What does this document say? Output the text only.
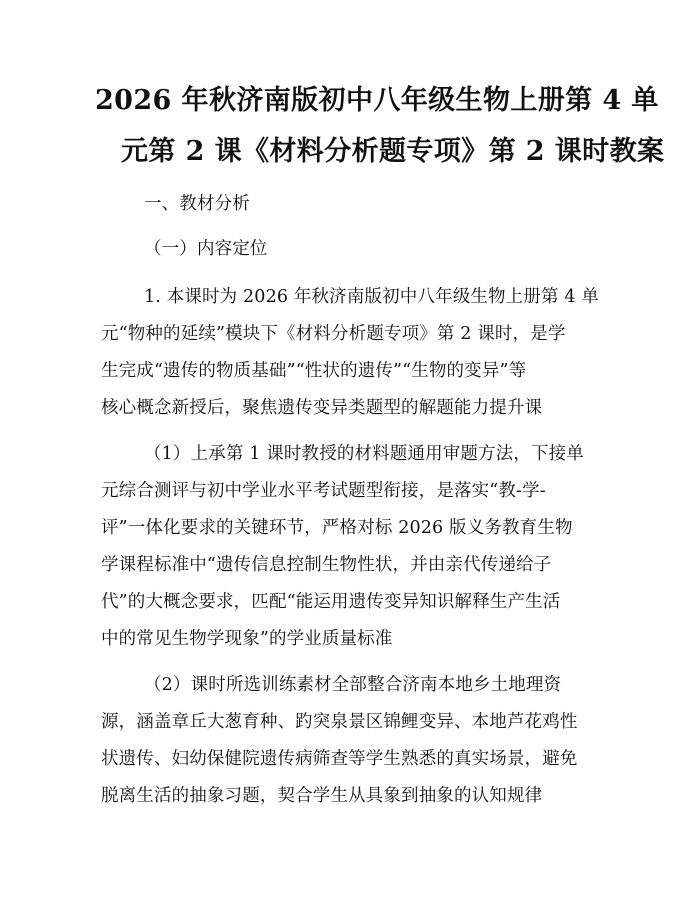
2026 年秋济南版初中八年级生物上册第 4 单
元第 2 课《材料分析题专项》第 2 课时教案
一、教材分析
（一）内容定位
1. 本课时为 2026 年秋济南版初中八年级生物上册第 4 单
元“物种的延续”模块下《材料分析题专项》第 2 课时，是学
生完成“遗传的物质基础”“性状的遗传”“生物的变异”等
核心概念新授后，聚焦遗传变异类题型的解题能力提升课
（1）上承第 1 课时教授的材料题通用审题方法，下接单
元综合测评与初中学业水平考试题型衔接，是落实“教-学-
评”一体化要求的关键环节，严格对标 2026 版义务教育生物
学课程标准中“遗传信息控制生物性状，并由亲代传递给子
代”的大概念要求，匹配“能运用遗传变异知识解释生产生活
中的常见生物学现象”的学业质量标准
（2）课时所选训练素材全部整合济南本地乡土地理资
源，涵盖章丘大葱育种、趵突泉景区锦鲤变异、本地芦花鸡性
状遗传、妇幼保健院遗传病筛查等学生熟悉的真实场景，避免
脱离生活的抽象习题，契合学生从具象到抽象的认知规律
